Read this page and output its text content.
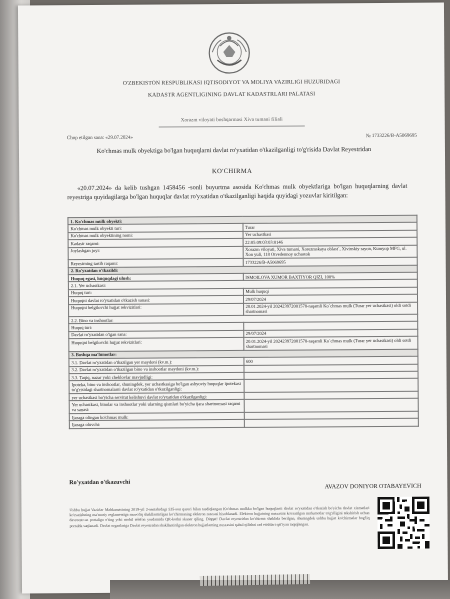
O'ZBEKISTON RESPUBLIKASI IQTISODIYOT VA MOLIYA VAZIRLIGI HUZURIDAGI
KADASTR AGENTLIGINING DAVLAT KADASTRLARI PALATASI
Xorazm viloyati boshqarmasi Xiva tumani filiali
Chop etilgan sana: «29.07.2024»	№ 1733226/B-A5069695
Ko'chmas mulk obyektiga bo'lgan huquqlarni davlat ro'yxatidan o'tkazilganligi to'g'risida Davlat Reyestridan
KO'CHIRMA
«20.07.2024» da kelib tushgan 1458456 -sonli buyurtma asosida Ko'chmas mulk obyektlariga bo'lgan huquqlarning davlat reyestriga quyidagilarga bo'lgan huquqlar davlat ro'yxatidan o'tkazilganligi haqida quyidagi yozuvlar kiritilgan:
1. Ko'chmas mulk obyekti:	
Ko'chmas mulk obyekti turi:	Turar
Ko'chmas mulk obyektining nomi:	Yer uchastkasi
Kadastr raqami:	22:05:09:03:03:0146
Joylashgan joyi:	Xorazm viloyati, Xiva tumani, Xorezmskaya oblast`, Xivinskiy rayon, Kumyop MFG, ul. Xon yuli, 118 Otvedennoy uchastok
Reyestrning tartib raqami:	1733226/B-A5069695
2. Ro'yxatdan o'tkazildi:	
Huquq egasi, huquqdagi ulush:	ISMOILOVA XUMOR BAXTIYOR QIZI, 100%
2.1. Yer uchastkasi:	
Huquq turi:	Mulk huquqi
Huquqni davlat ro'yxatidan o'tkazish sanasi:	29/07/2024
Huquqni belgilovchi hujjat rekvizitlari:	20.01.2024-yil 202423972001578-raqamli Ko`chmas mulk (Turar yer uchastkasi) oldi sotdi shartnomasi
2.2. Bino va inshootlar:	
Huquq turi:	
Davlat ro'yxatidan o'tgan sana:	29/07/2024
Huquqni belgilovchi hujjat rekvizitlari:	20.01.2024-yil 202423972001578-raqamli Ko`chmas mulk (Turar yer uchastkasi) oldi sotdi shartnomasi
3. Boshqa ma'lumotlar:	
3.1. Davlat ro'yxatidan o'tkazilgan yer maydoni (kv.m.):	600
3.2. Davlat ro'yxatidan o'tkazilgan bino va inshootlar maydoni (kv.m.):	
3.3. Taqiq, nazar yoki cheklovlar mavjudligi:	
Ipoteka, bino va inshootlar, shuningdek, yer uchastkasiga bo'lgan ashyoviy huquqlar ipotekasi to'g'risidagi shartnomalarni davlat ro'yxatidan o'tkazilganligi:	
yer uchastkasi bo'yicha servitut kelishuvi davlat ro'yxatidan o'tkazilganligi:	
Yer uchastkasi, binolar va inshootlar yoki ularning qismlari bo'yicha ijara shartnomasi raqami va sanasi:	
Ijaraga olingan ko'chmas mulk:	
Ijaraga oluvchi:	
Ro'yxatdan o'tkazuvchi
AVAZOV DONIYOR OTABAYEVICH
Ushbu hujjat Vazirlar Mahkamasining 2019-yil 2-sentabrdagi 535-son qarori bilan tasdiqlangan Ko'chmas mulkka bo'lgan huquqlarni davlat ro'yxatidan o'tkazish bo'yicha davlat xizmatlari ko'rsatishning ma'muriy reglamentiga muvofiq shakllantirilgan ko'chirmaning elektron nusxasi hisoblanadi. Elektron hujjatning nusxasini ko'rsatilgan ma'lumotlar to'g'riligini tekshirish uchun davreestr.uz portaliga o'ting yoki mobil telefon yordamida QR-kodni skaner qiling. Diqqat! Davlat reyestridan ko'chirma shaklida berilgan, shuningdek ushbu hujjat ko'chirmalar bog'liq portalda saqlanadi. Davlat organlariga Davlat reyestridan shakllantirilgan elektron hujjatlarning nusxasini qabul qilishni rad etishlari qat'iyan taqiqlangan.
